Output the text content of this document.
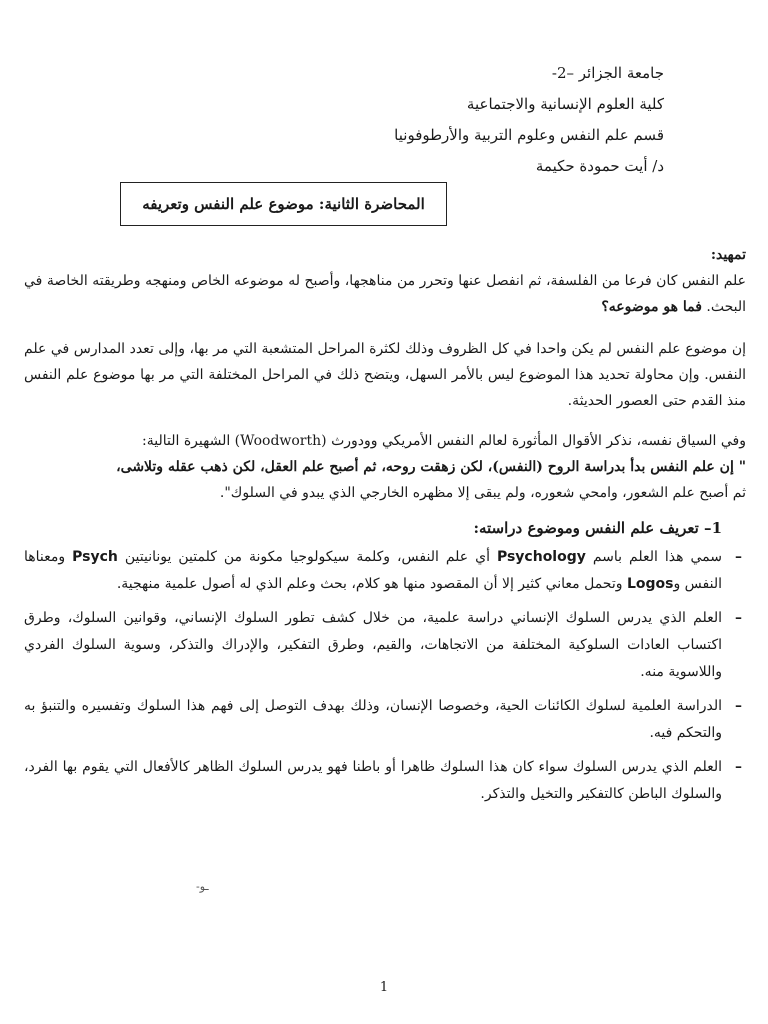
جامعة الجزائر –2-
كلية العلوم الإنسانية والاجتماعية
قسم علم النفس وعلوم التربية والأرطوفونيا
د/ أيت حمودة حكيمة
المحاضرة الثانية: موضوع علم النفس وتعريفه
تمهيد:
علم النفس كان فرعا من الفلسفة، ثم انفصل عنها وتحرر من مناهجها، وأصبح له موضوعه الخاص ومنهجه وطريقته الخاصة في البحث. فما هو موضوعه؟
إن موضوع علم النفس لم يكن واحدا في كل الظروف وذلك لكثرة المراحل المتشعبة التي مر بها، وإلى تعدد المدارس في علم النفس. وإن محاولة تحديد هذا الموضوع ليس بالأمر السهل، ويتضح ذلك في المراحل المختلفة التي مر بها موضوع علم النفس منذ القدم حتى العصور الحديثة.
وفي السياق نفسه، نذكر الأقوال المأثورة لعالم النفس الأمريكي وودورث (Woodworth) الشهيرة التالية:
" إن علم النفس بدأ بدراسة الروح (النفس)، لكن زهقت روحه، ثم أصبح علم العقل، لكن ذهب عقله وتلاشى،
ثم أصبح علم الشعور، وامحي شعوره، ولم يبقى إلا مظهره الخارجي الذي يبدو في السلوك".
1– تعريف علم النفس وموضوع دراسته:
–
سمي هذا العلم باسم Psychology أي علم النفس، وكلمة سيكولوجيا مكونة من كلمتين يونانيتين Psych ومعناها النفس وLogos وتحمل معاني كثير إلا أن المقصود منها هو كلام، بحث وعلم الذي له أصول علمية منهجية.
–
العلم الذي يدرس السلوك الإنساني دراسة علمية، من خلال كشف تطور السلوك الإنساني، وقوانين السلوك، وطرق اكتساب العادات السلوكية المختلفة من الاتجاهات، والقيم، وطرق التفكير، والإدراك والتذكر، وسوية السلوك الفردي واللاسوية منه.
–
الدراسة العلمية لسلوك الكائنات الحية، وخصوصا الإنسان، وذلك بهدف التوصل إلى فهم هذا السلوك وتفسيره والتنبؤ به والتحكم فيه.
–
العلم الذي يدرس السلوك سواء كان هذا السلوك ظاهرا أو باطنا فهو يدرس السلوك الظاهر كالأفعال التي يقوم بها الفرد، والسلوك الباطن كالتفكير والتخيل والتذكر.
-ـو
1
